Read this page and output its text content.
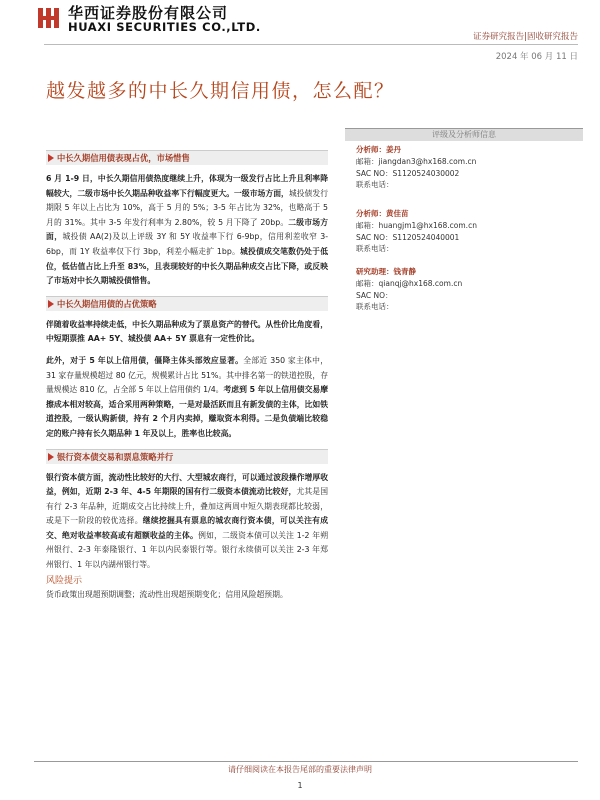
华西证券股份有限公司
HUAXI SECURITIES CO.,LTD.
证券研究报告|固收研究报告
2024 年 06 月 11 日
越发越多的中长久期信用债，怎么配？
评级及分析师信息
分析师：姜丹
邮箱：jiangdan3@hx168.com.cn
SAC NO：S1120524030002
联系电话：
分析师：黄佳苗
邮箱：huangjm1@hx168.com.cn
SAC NO：S1120524040001
联系电话：
研究助理：钱青静
邮箱：qianqj@hx168.com.cn
SAC NO：
联系电话：
中长久期信用债表现占优，市场惜售

6 月 1-9 日，中长久期信用债热度继续上升，体现为一级发行占比上升且利率降幅较大，二级市场中长久期品种收益率下行幅度更大。一级市场方面，城投债发行期限 5 年以上占比为 10%，高于 5 月的 5%；3-5 年占比为 32%，也略高于 5 月的 31%。其中 3-5 年发行利率为 2.80%，较 5 月下降了 20bp。二级市场方面，城投债 AA(2)及以上评级 3Y 和 5Y 收益率下行 6-9bp，信用利差收窄 3-6bp，而 1Y 收益率仅下行 3bp，利差小幅走扩 1bp。城投债成交笔数仍处于低位，低估值占比上升至 83%，且表现较好的中长久期品种成交占比下降，或反映了市场对中长久期城投债惜售。

中长久期信用债的占优策略

伴随着收益率持续走低，中长久期品种成为了票息资产的替代。从性价比角度看，中短期票推 AA+ 5Y、城投债 AA+ 5Y 票息有一定性价比。

此外，对于 5 年以上信用债，僵降主体头部效应显著。全部近 350 家主体中，31 家存量规模超过 80 亿元，规模累计占比 51%。其中排名第一的铁道控股，存量规模达 810 亿，占全部 5 年以上信用债约 1/4。考虑到 5 年以上信用债交易摩擦成本相对较高，适合采用两种策略，一是对最活跃而且有新发债的主体，比如铁道控股，一级认购新债，持有 2 个月内卖掉，赚取资本利得。二是负债端比较稳定的账户持有长久期品种 1 年及以上，胜率也比较高。

银行资本债交易和票息策略并行

银行资本债方面，流动性比较好的大行、大型城农商行，可以通过波段操作增厚收益，例如，近期 2-3 年、4-5 年期限的国有行二级资本债流动比较好，尤其是国有行 2-3 年品种，近期成交占比持续上升，叠加这两周中短久期表现都比较弱，或是下一阶段的较优选择。继续挖掘具有票息的城农商行资本债，可以关注有成交、绝对收益率较高或有超额收益的主体。例如，二级资本债可以关注 1-2 年朔州银行、2-3 年泰隆银行、1 年以内民泰银行等。银行永续债可以关注 2-3 年郑州银行、1 年以内湖州银行等。

风险提示

货币政策出现超预期调整；流动性出现超预期变化；信用风险超预期。

请仔细阅读在本报告尾部的重要法律声明
1
